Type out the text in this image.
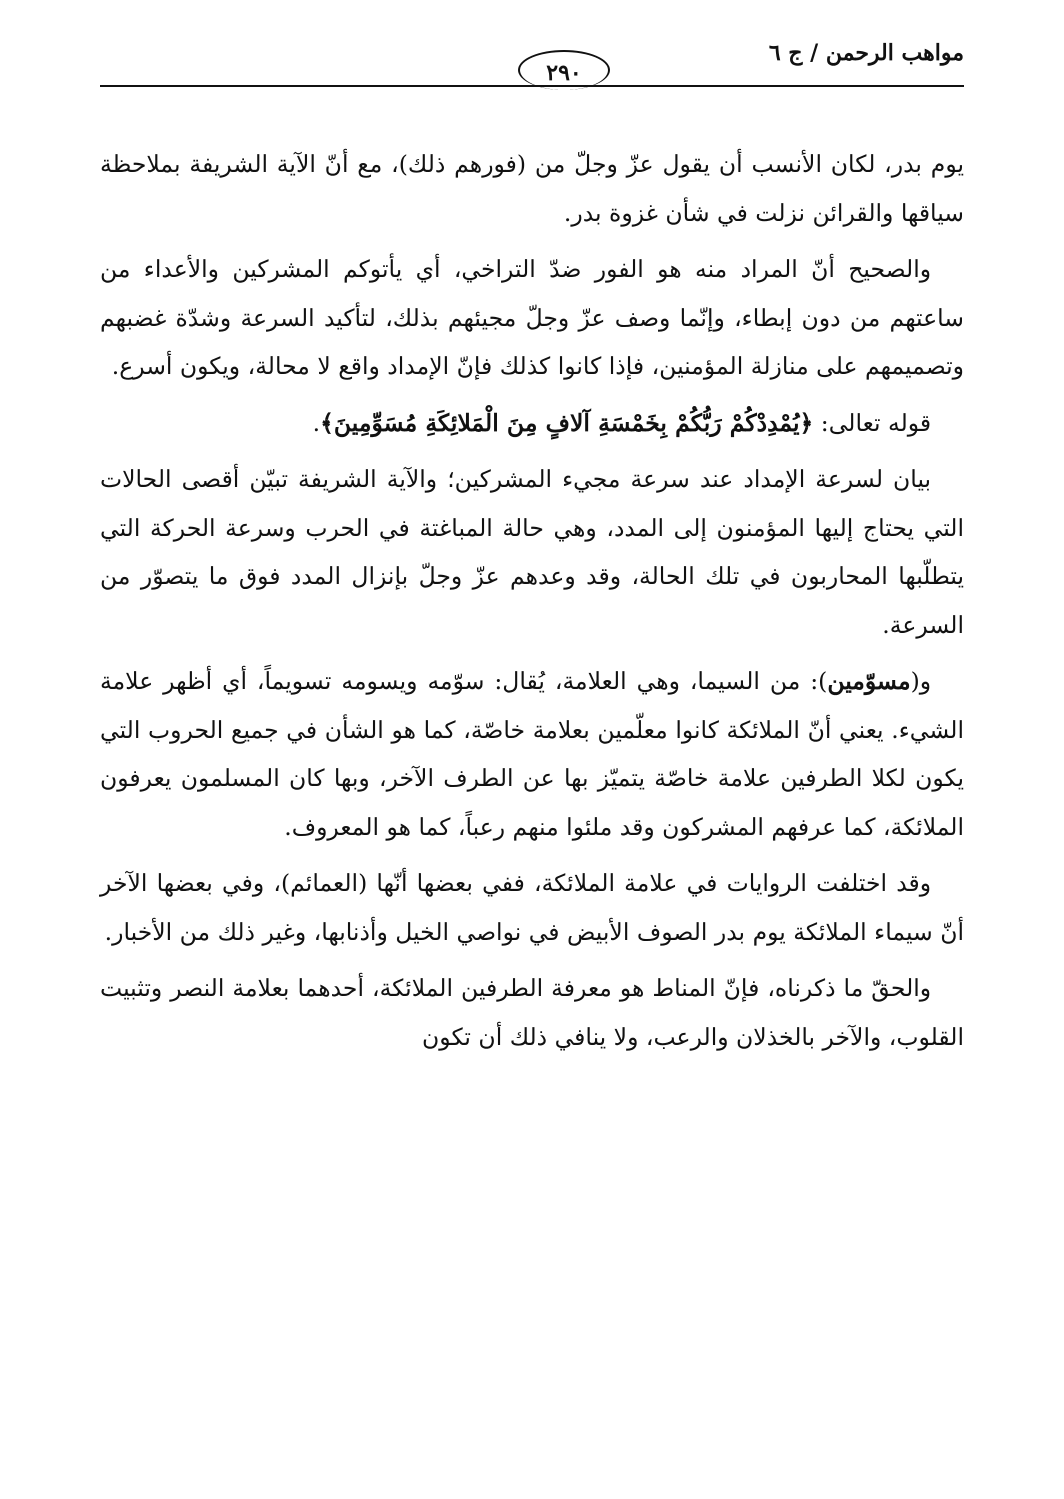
مواهب الرحمن / ج ٦
٢٩٠

يوم بدر، لكان الأنسب أن يقول عزّ وجلّ من (فورهم ذلك)، مع أنّ الآية الشريفة بملاحظة سياقها والقرائن نزلت في شأن غزوة بدر.

والصحيح أنّ المراد منه هو الفور ضدّ التراخي، أي يأتوكم المشركين والأعداء من ساعتهم من دون إبطاء، وإنّما وصف عزّ وجلّ مجيئهم بذلك، لتأكيد السرعة وشدّة غضبهم وتصميمهم على منازلة المؤمنين، فإذا كانوا كذلك فإنّ الإمداد واقع لا محالة، ويكون أسرع.

قوله تعالى: ﴿يُمْدِدْكُمْ رَبُّكُمْ بِخَمْسَةِ آلافٍ مِنَ الْمَلائِكَةِ مُسَوِّمِينَ﴾.

بيان لسرعة الإمداد عند سرعة مجيء المشركين؛ والآية الشريفة تبيّن أقصى الحالات التي يحتاج إليها المؤمنون إلى المدد، وهي حالة المباغتة في الحرب وسرعة الحركة التي يتطلّبها المحاربون في تلك الحالة، وقد وعدهم عزّ وجلّ بإنزال المدد فوق ما يتصوّر من السرعة.

و(مسوّمين): من السيما، وهي العلامة، يُقال: سوّمه ويسومه تسويماً، أي أظهر علامة الشيء. يعني أنّ الملائكة كانوا معلّمين بعلامة خاصّة، كما هو الشأن في جميع الحروب التي يكون لكلا الطرفين علامة خاصّة يتميّز بها عن الطرف الآخر، وبها كان المسلمون يعرفون الملائكة، كما عرفهم المشركون وقد ملئوا منهم رعباً، كما هو المعروف.

وقد اختلفت الروايات في علامة الملائكة، ففي بعضها أنّها (العمائم)، وفي بعضها الآخر أنّ سيماء الملائكة يوم بدر الصوف الأبيض في نواصي الخيل وأذنابها، وغير ذلك من الأخبار.

والحقّ ما ذكرناه، فإنّ المناط هو معرفة الطرفين الملائكة، أحدهما بعلامة النصر وتثبيت القلوب، والآخر بالخذلان والرعب، ولا ينافي ذلك أن تكون
